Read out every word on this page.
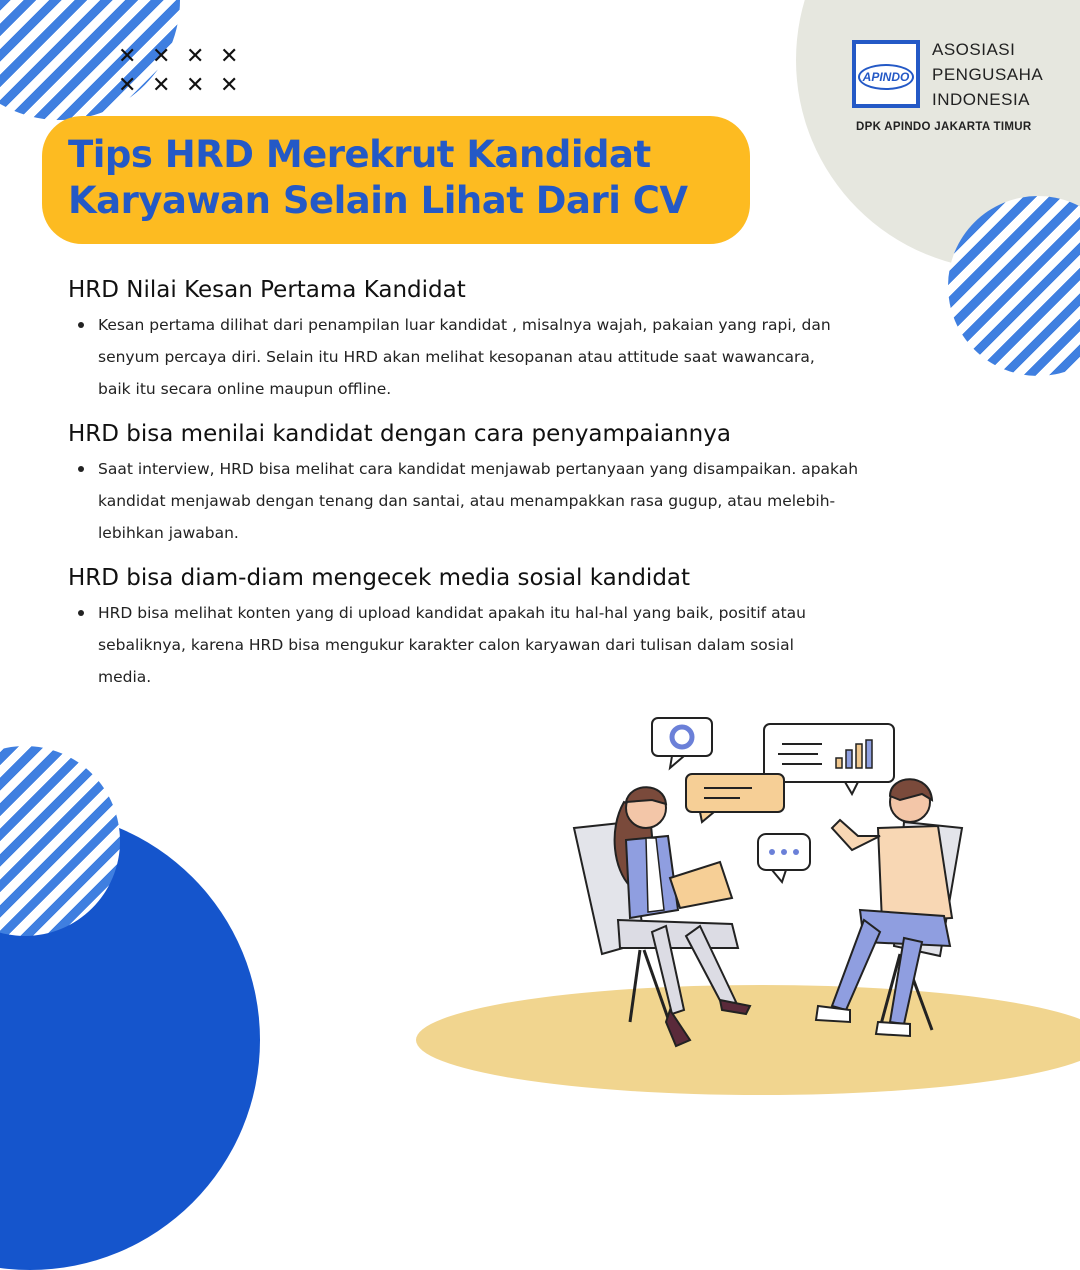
✕ ✕ ✕ ✕
✕ ✕ ✕ ✕	APINDO
ASOSIASI
PENGUSAHA
INDONESIA
DPK APINDO JAKARTA TIMUR
Tips HRD Merekrut Kandidat
Karyawan Selain Lihat Dari CV
HRD Nilai Kesan Pertama Kandidat
Kesan pertama dilihat dari penampilan luar kandidat , misalnya wajah, pakaian yang rapi, dan
senyum percaya diri. Selain itu HRD akan melihat kesopanan atau attitude saat wawancara,
baik itu secara online maupun offline.
HRD bisa menilai kandidat dengan cara penyampaiannya
Saat interview, HRD bisa melihat cara kandidat menjawab pertanyaan yang disampaikan. apakah
kandidat menjawab dengan tenang dan santai, atau menampakkan rasa gugup, atau melebih-
lebihkan jawaban.
HRD bisa diam-diam mengecek media sosial kandidat
HRD bisa melihat konten yang di upload kandidat apakah itu hal-hal yang baik, positif atau
sebaliknya, karena HRD bisa mengukur karakter calon karyawan dari tulisan dalam sosial
media.
